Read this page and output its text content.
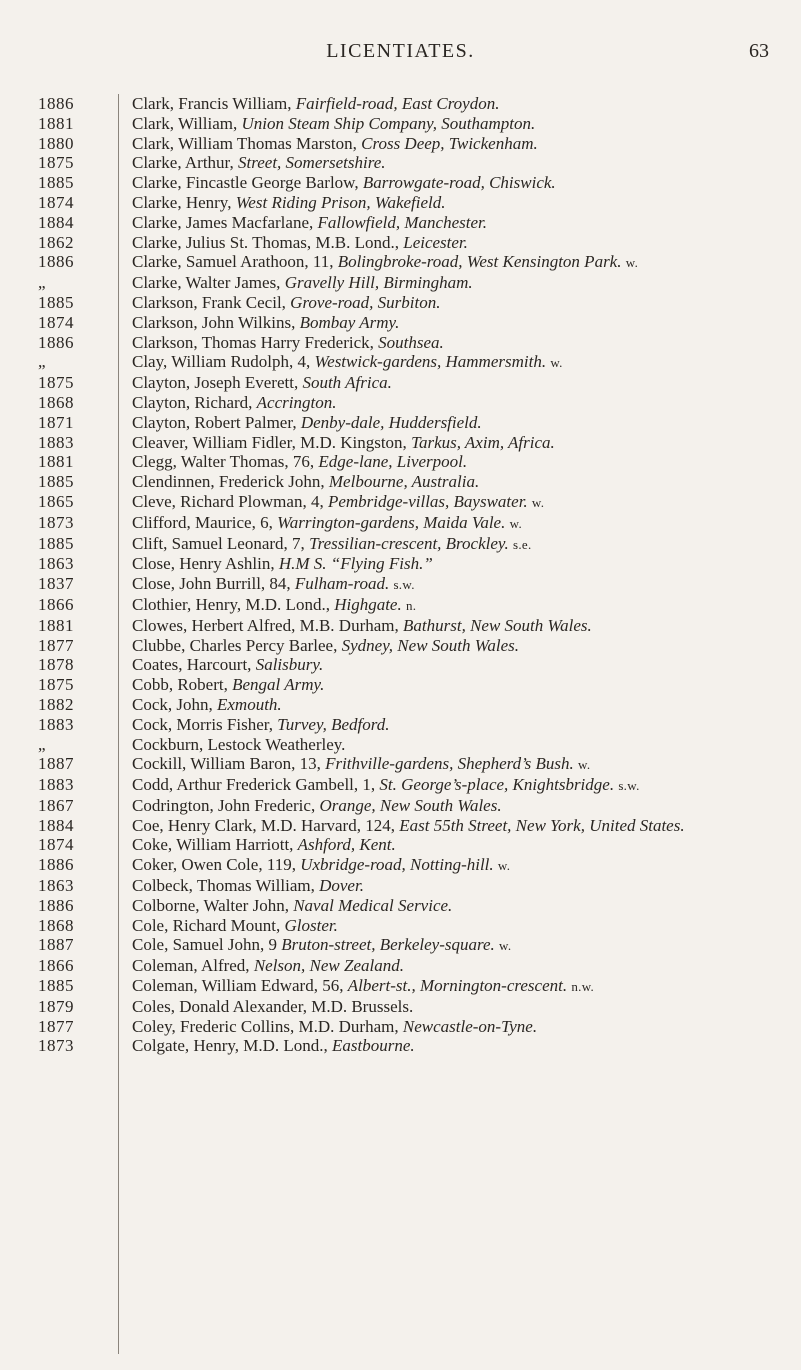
LICENTIATES.	63
1886	Clark, Francis William, Fairfield-road, East Croydon.
1881	Clark, William, Union Steam Ship Company, Southampton.
1880	Clark, William Thomas Marston, Cross Deep, Twickenham.
1875	Clarke, Arthur, Street, Somersetshire.
1885	Clarke, Fincastle George Barlow, Barrowgate-road, Chiswick.
1874	Clarke, Henry, West Riding Prison, Wakefield.
1884	Clarke, James Macfarlane, Fallowfield, Manchester.
1862	Clarke, Julius St. Thomas, M.B. Lond., Leicester.
1886	Clarke, Samuel Arathoon, 11, Bolingbroke-road, West Kensington Park. w.
„	Clarke, Walter James, Gravelly Hill, Birmingham.
1885	Clarkson, Frank Cecil, Grove-road, Surbiton.
1874	Clarkson, John Wilkins, Bombay Army.
1886	Clarkson, Thomas Harry Frederick, Southsea.
„	Clay, William Rudolph, 4, Westwick-gardens, Hammersmith. w.
1875	Clayton, Joseph Everett, South Africa.
1868	Clayton, Richard, Accrington.
1871	Clayton, Robert Palmer, Denby-dale, Huddersfield.
1883	Cleaver, William Fidler, M.D. Kingston, Tarkus, Axim, Africa.
1881	Clegg, Walter Thomas, 76, Edge-lane, Liverpool.
1885	Clendinnen, Frederick John, Melbourne, Australia.
1865	Cleve, Richard Plowman, 4, Pembridge-villas, Bayswater. w.
1873	Clifford, Maurice, 6, Warrington-gardens, Maida Vale. w.
1885	Clift, Samuel Leonard, 7, Tressilian-crescent, Brockley. s.e.
1863	Close, Henry Ashlin, H.M S. “Flying Fish.”
1837	Close, John Burrill, 84, Fulham-road. s.w.
1866	Clothier, Henry, M.D. Lond., Highgate. n.
1881	Clowes, Herbert Alfred, M.B. Durham, Bathurst, New South Wales.
1877	Clubbe, Charles Percy Barlee, Sydney, New South Wales.
1878	Coates, Harcourt, Salisbury.
1875	Cobb, Robert, Bengal Army.
1882	Cock, John, Exmouth.
1883	Cock, Morris Fisher, Turvey, Bedford.
„	Cockburn, Lestock Weatherley.
1887	Cockill, William Baron, 13, Frithville-gardens, Shepherd’s Bush. w.
1883	Codd, Arthur Frederick Gambell, 1, St. George’s-place, Knightsbridge. s.w.
1867	Codrington, John Frederic, Orange, New South Wales.
1884	Coe, Henry Clark, M.D. Harvard, 124, East 55th Street, New York, United States.
1874	Coke, William Harriott, Ashford, Kent.
1886	Coker, Owen Cole, 119, Uxbridge-road, Notting-hill. w.
1863	Colbeck, Thomas William, Dover.
1886	Colborne, Walter John, Naval Medical Service.
1868	Cole, Richard Mount, Gloster.
1887	Cole, Samuel John, 9 Bruton-street, Berkeley-square. w.
1866	Coleman, Alfred, Nelson, New Zealand.
1885	Coleman, William Edward, 56, Albert-st., Mornington-crescent. n.w.
1879	Coles, Donald Alexander, M.D. Brussels.
1877	Coley, Frederic Collins, M.D. Durham, Newcastle-on-Tyne.
1873	Colgate, Henry, M.D. Lond., Eastbourne.
